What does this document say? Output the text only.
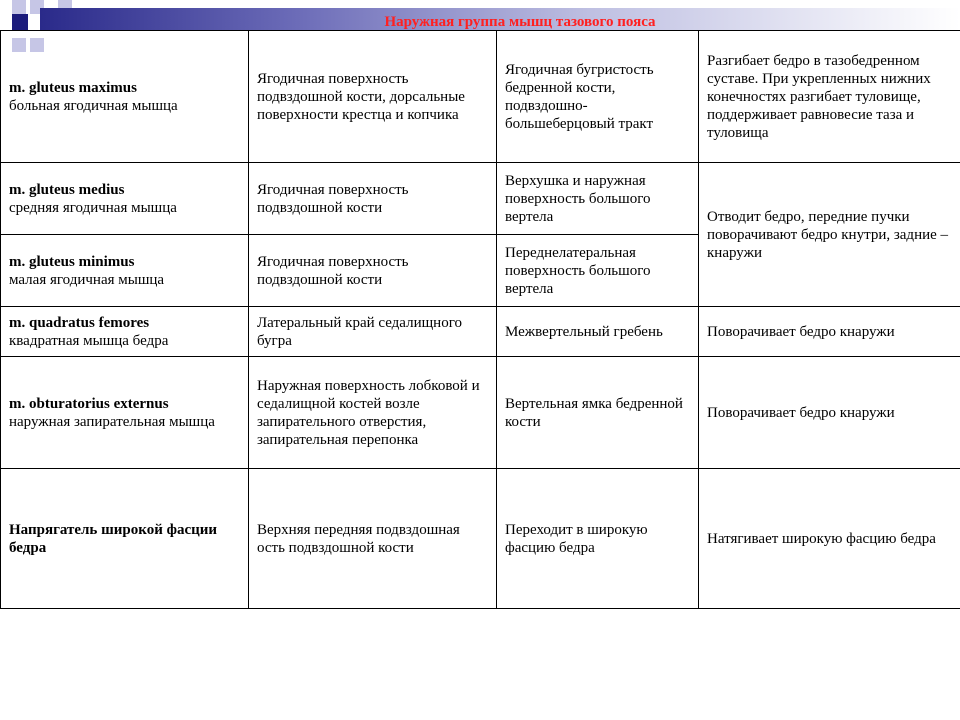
Наружная группа мышц тазового пояса
m. gluteus maximus
больная ягодичная мышца	Ягодичная поверхность подвздошной кости, дорсальные поверхности крестца и копчика	Ягодичная бугристость бедренной кости, подвздошно-большеберцовый тракт	Разгибает бедро в тазобедренном суставе. При укрепленных нижних конечностях разгибает туловище, поддерживает равновесие таза и туловища

m. gluteus medius
средняя ягодичная мышца	Ягодичная поверхность подвздошной кости	Верхушка и наружная поверхность большого вертела	Отводит бедро, передние пучки поворачивают бедро кнутри, задние – кнаружи

m. gluteus minimus
малая ягодичная мышца	Ягодичная поверхность подвздошной кости	Переднелатеральная поверхность большого вертела	

m. quadratus femores
квадратная мышца бедра	Латеральный край седалищного бугра	Межвертельный гребень	Поворачивает бедро кнаружи

m. obturatorius externus
наружная запирательная мышца	Наружная поверхность лобковой и седалищной костей возле запирательного отверстия, запирательная перепонка	Вертельная ямка бедренной кости	Поворачивает бедро кнаружи

Напрягатель широкой фасции бедра	Верхняя передняя подвздошная ость подвздошной кости	Переходит в широкую фасцию бедра	Натягивает широкую фасцию бедра
